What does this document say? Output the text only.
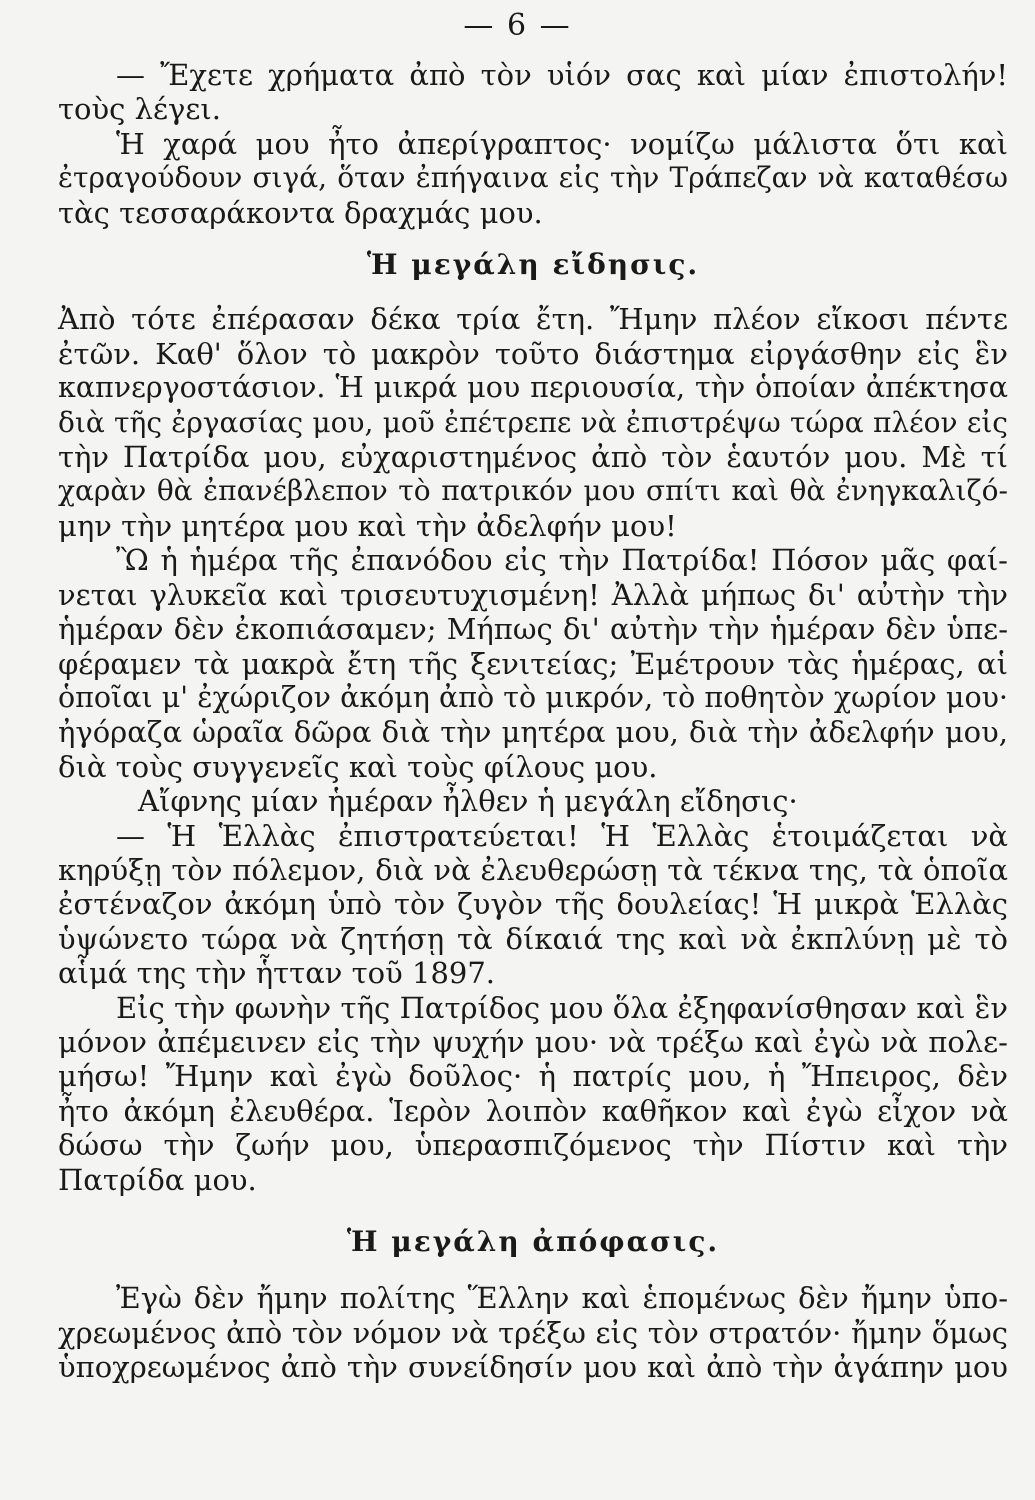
— 6 —
— Ἔχετε χρήματα ἀπὸ τὸν υἱόν σας καὶ μίαν ἐπιστολήν!
τοὺς λέγει.
Ἡ χαρά μου ἦτο ἀπερίγραπτος· νομίζω μάλιστα ὅτι καὶ
ἐτραγούδουν σιγά, ὅταν ἐπήγαινα εἰς τὴν Τράπεζαν νὰ καταθέσω
τὰς τεσσαράκοντα δραχμάς μου.
Ἡ μεγάλη εἴδησις.
Ἀπὸ τότε ἐπέρασαν δέκα τρία ἔτη. Ἤμην πλέον εἴκοσι πέντε
ἐτῶν. Καθ' ὅλον τὸ μακρὸν τοῦτο διάστημα εἰργάσθην εἰς ἓν
καπνεργοστάσιον. Ἡ μικρά μου περιουσία, τὴν ὁποίαν ἀπέκτησα
διὰ τῆς ἐργασίας μου, μοῦ ἐπέτρεπε νὰ ἐπιστρέψω τώρα πλέον εἰς
τὴν Πατρίδα μου, εὐχαριστημένος ἀπὸ τὸν ἑαυτόν μου. Μὲ τί
χαρὰν θὰ ἐπανέβλεπον τὸ πατρικόν μου σπίτι καὶ θὰ ἐνηγκαλιζό-
μην τὴν μητέρα μου καὶ τὴν ἀδελφήν μου!
Ὢ ἡ ἡμέρα τῆς ἐπανόδου εἰς τὴν Πατρίδα! Πόσον μᾶς φαί-
νεται γλυκεῖα καὶ τρισευτυχισμένη! Ἀλλὰ μήπως δι' αὐτὴν τὴν
ἡμέραν δὲν ἐκοπιάσαμεν; Μήπως δι' αὐτὴν τὴν ἡμέραν δὲν ὑπε-
φέραμεν τὰ μακρὰ ἔτη τῆς ξενιτείας; Ἐμέτρουν τὰς ἡμέρας, αἱ
ὁποῖαι μ' ἐχώριζον ἀκόμη ἀπὸ τὸ μικρόν, τὸ ποθητὸν χωρίον μου·
ἠγόραζα ὡραῖα δῶρα διὰ τὴν μητέρα μου, διὰ τὴν ἀδελφήν μου,
διὰ τοὺς συγγενεῖς καὶ τοὺς φίλους μου.
Αἴφνης μίαν ἡμέραν ἦλθεν ἡ μεγάλη εἴδησις·
— Ἡ Ἑλλὰς ἐπιστρατεύεται! Ἡ Ἑλλὰς ἑτοιμάζεται νὰ
κηρύξῃ τὸν πόλεμον, διὰ νὰ ἐλευθερώσῃ τὰ τέκνα της, τὰ ὁποῖα
ἐστέναζον ἀκόμη ὑπὸ τὸν ζυγὸν τῆς δουλείας! Ἡ μικρὰ Ἑλλὰς
ὑψώνετο τώρα νὰ ζητήσῃ τὰ δίκαιά της καὶ νὰ ἐκπλύνῃ μὲ τὸ
αἷμά της τὴν ἧτταν τοῦ 1897.
Εἰς τὴν φωνὴν τῆς Πατρίδος μου ὅλα ἐξηφανίσθησαν καὶ ἓν
μόνον ἀπέμεινεν εἰς τὴν ψυχήν μου· νὰ τρέξω καὶ ἐγὼ νὰ πολε-
μήσω! Ἤμην καὶ ἐγὼ δοῦλος· ἡ πατρίς μου, ἡ Ἤπειρος, δὲν
ἦτο ἀκόμη ἐλευθέρα. Ἱερὸν λοιπὸν καθῆκον καὶ ἐγὼ εἶχον νὰ
δώσω τὴν ζωήν μου, ὑπερασπιζόμενος τὴν Πίστιν καὶ τὴν
Πατρίδα μου.
Ἡ μεγάλη ἀπόφασις.
Ἐγὼ δὲν ἤμην πολίτης Ἕλλην καὶ ἑπομένως δὲν ἤμην ὑπο-
χρεωμένος ἀπὸ τὸν νόμον νὰ τρέξω εἰς τὸν στρατόν· ἤμην ὅμως
ὑποχρεωμένος ἀπὸ τὴν συνείδησίν μου καὶ ἀπὸ τὴν ἀγάπην μου
